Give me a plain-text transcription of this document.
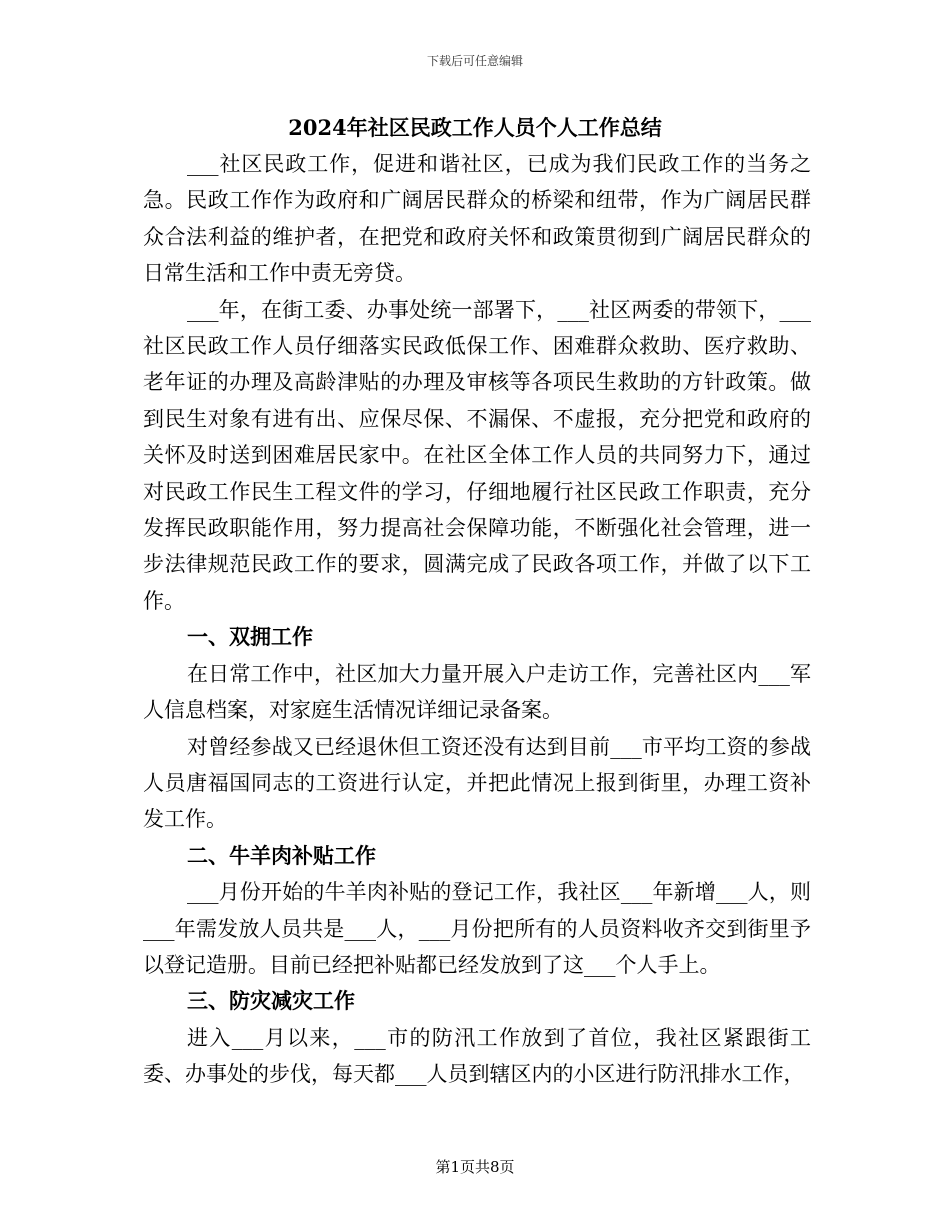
下载后可任意编辑
2024年社区民政工作人员个人工作总结

___社区民政工作，促进和谐社区，已成为我们民政工作的当务之急。民政工作作为政府和广阔居民群众的桥梁和纽带，作为广阔居民群众合法利益的维护者，在把党和政府关怀和政策贯彻到广阔居民群众的日常生活和工作中责无旁贷。

___年，在街工委、办事处统一部署下，___社区两委的带领下，___社区民政工作人员仔细落实民政低保工作、困难群众救助、医疗救助、老年证的办理及高龄津贴的办理及审核等各项民生救助的方针政策。做到民生对象有进有出、应保尽保、不漏保、不虚报，充分把党和政府的关怀及时送到困难居民家中。在社区全体工作人员的共同努力下，通过对民政工作民生工程文件的学习，仔细地履行社区民政工作职责，充分发挥民政职能作用，努力提高社会保障功能，不断强化社会管理，进一步法律规范民政工作的要求，圆满完成了民政各项工作，并做了以下工作。

一、双拥工作

在日常工作中，社区加大力量开展入户走访工作，完善社区内___军人信息档案，对家庭生活情况详细记录备案。

对曾经参战又已经退休但工资还没有达到目前___市平均工资的参战人员唐福国同志的工资进行认定，并把此情况上报到街里，办理工资补发工作。

二、牛羊肉补贴工作

___月份开始的牛羊肉补贴的登记工作，我社区___年新增___人，则___年需发放人员共是___人，___月份把所有的人员资料收齐交到街里予以登记造册。目前已经把补贴都已经发放到了这___个人手上。

三、防灾减灾工作

进入___月以来，___市的防汛工作放到了首位，我社区紧跟街工委、办事处的步伐，每天都___人员到辖区内的小区进行防汛排水工作，

第1页共8页
